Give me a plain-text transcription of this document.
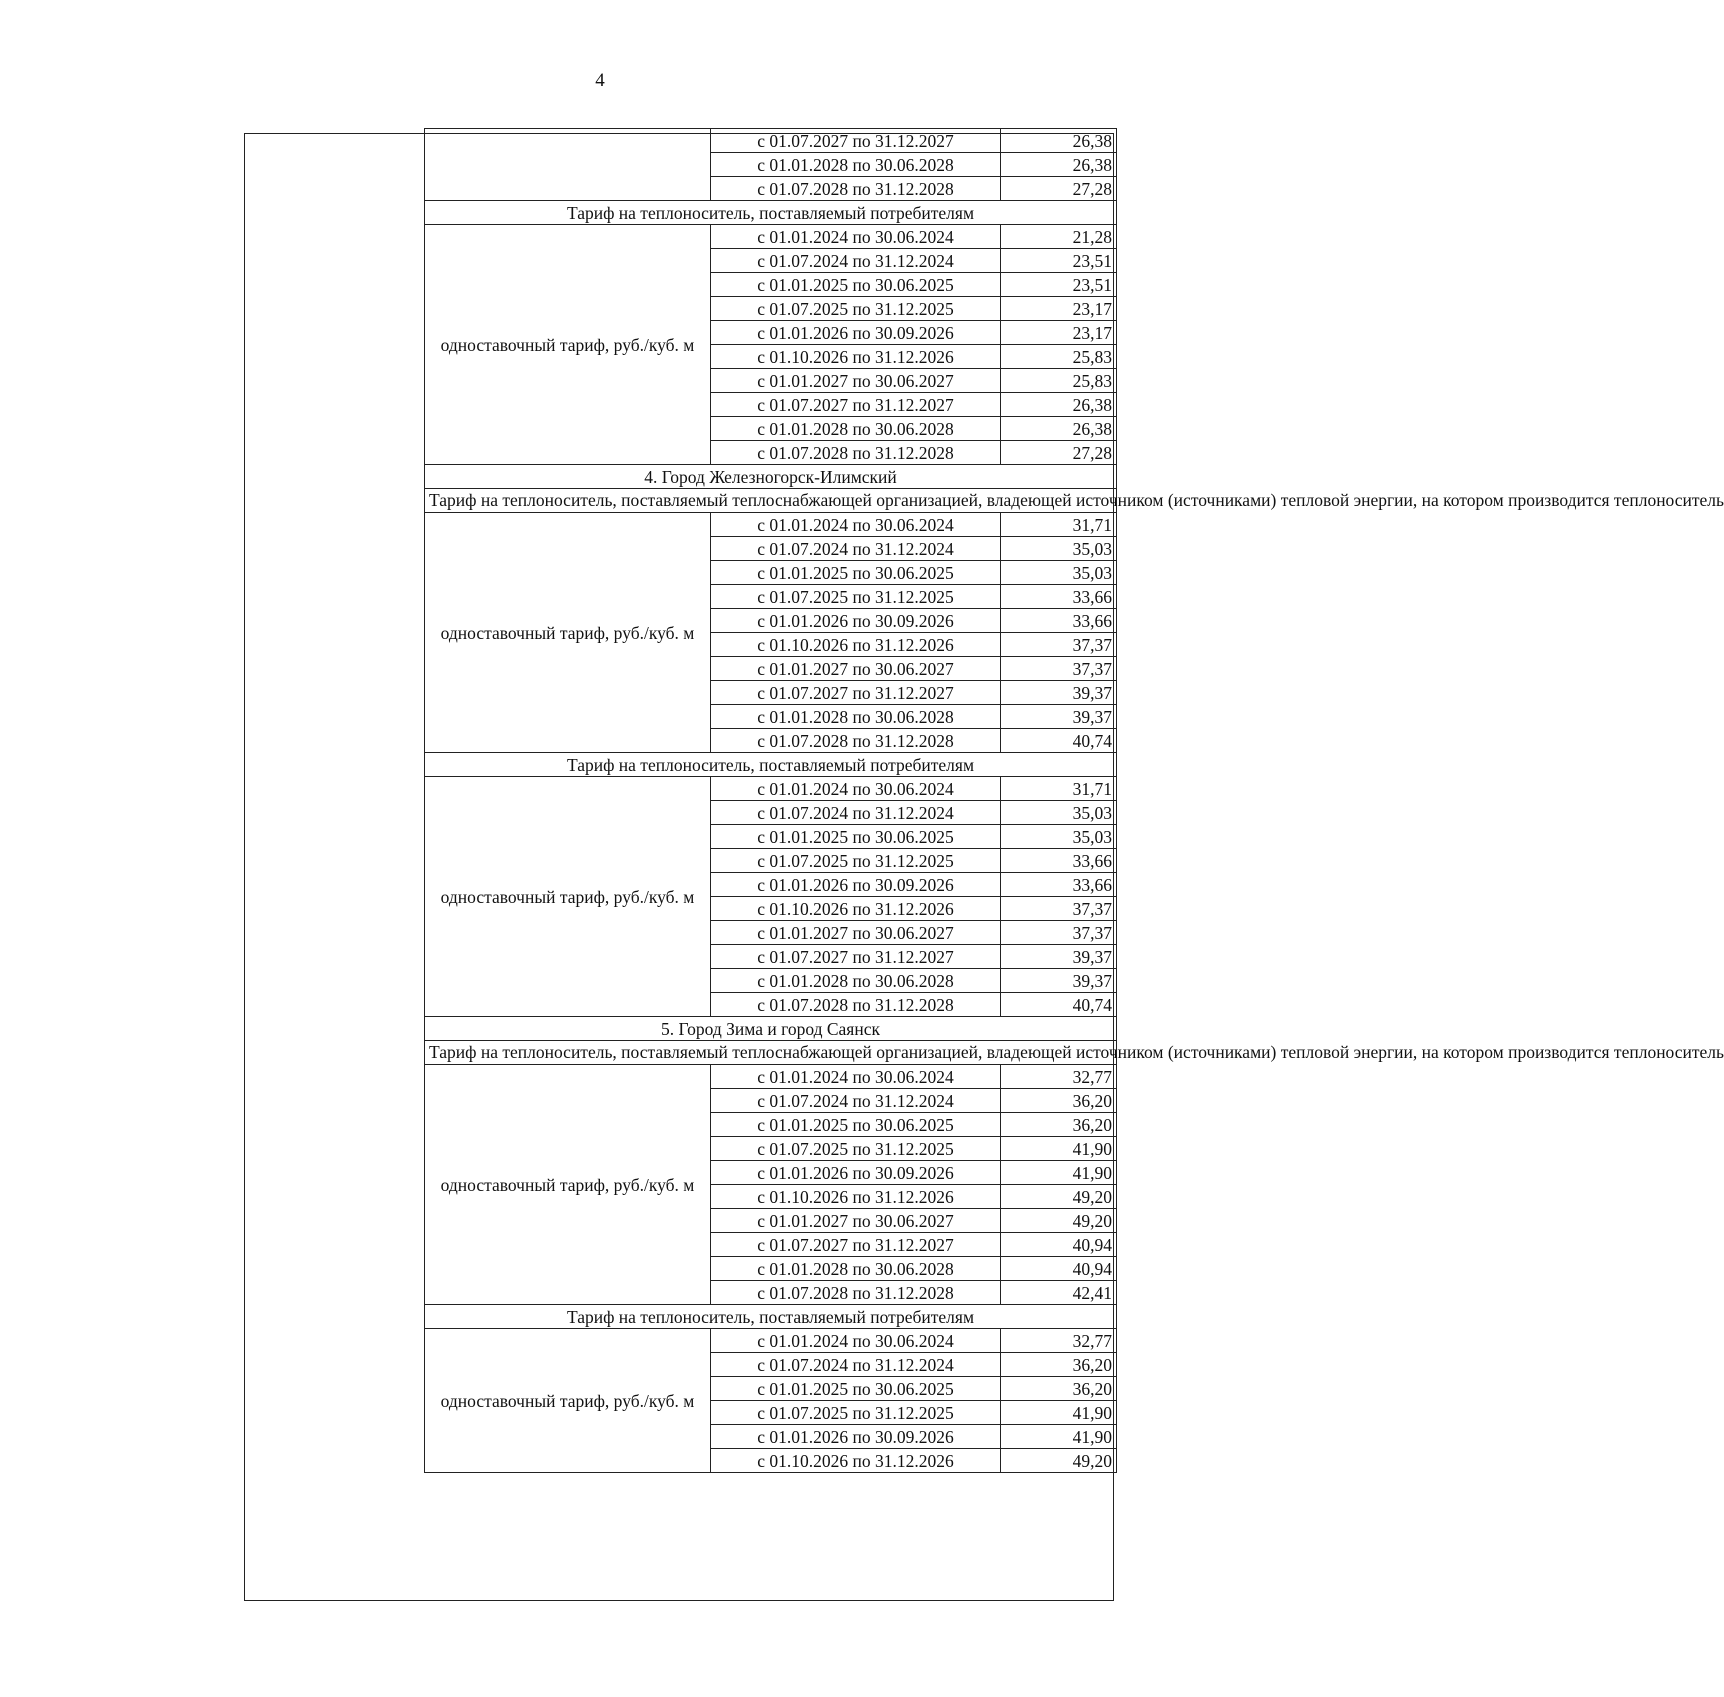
4
	с 01.07.2027 по 31.12.2027	26,38
	с 01.01.2028 по 30.06.2028	26,38
	с 01.07.2028 по 31.12.2028	27,28
Тариф на теплоноситель, поставляемый потребителям		
одноставочный тариф, руб./куб. м	с 01.01.2024 по 30.06.2024	21,28
	с 01.07.2024 по 31.12.2024	23,51
	с 01.01.2025 по 30.06.2025	23,51
	с 01.07.2025 по 31.12.2025	23,17
	с 01.01.2026 по 30.09.2026	23,17
	с 01.10.2026 по 31.12.2026	25,83
	с 01.01.2027 по 30.06.2027	25,83
	с 01.07.2027 по 31.12.2027	26,38
	с 01.01.2028 по 30.06.2028	26,38
	с 01.07.2028 по 31.12.2028	27,28
4. Город Железногорск-Илимский		
Тариф на теплоноситель, поставляемый теплоснабжающей организацией, владеющей источником (источниками) тепловой энергии, на котором производится теплоноситель		
одноставочный тариф, руб./куб. м	с 01.01.2024 по 30.06.2024	31,71
	с 01.07.2024 по 31.12.2024	35,03
	с 01.01.2025 по 30.06.2025	35,03
	с 01.07.2025 по 31.12.2025	33,66
	с 01.01.2026 по 30.09.2026	33,66
	с 01.10.2026 по 31.12.2026	37,37
	с 01.01.2027 по 30.06.2027	37,37
	с 01.07.2027 по 31.12.2027	39,37
	с 01.01.2028 по 30.06.2028	39,37
	с 01.07.2028 по 31.12.2028	40,74
Тариф на теплоноситель, поставляемый потребителям		
одноставочный тариф, руб./куб. м	с 01.01.2024 по 30.06.2024	31,71
	с 01.07.2024 по 31.12.2024	35,03
	с 01.01.2025 по 30.06.2025	35,03
	с 01.07.2025 по 31.12.2025	33,66
	с 01.01.2026 по 30.09.2026	33,66
	с 01.10.2026 по 31.12.2026	37,37
	с 01.01.2027 по 30.06.2027	37,37
	с 01.07.2027 по 31.12.2027	39,37
	с 01.01.2028 по 30.06.2028	39,37
	с 01.07.2028 по 31.12.2028	40,74
5. Город Зима и город Саянск		
Тариф на теплоноситель, поставляемый теплоснабжающей организацией, владеющей источником (источниками) тепловой энергии, на котором производится теплоноситель		
одноставочный тариф, руб./куб. м	с 01.01.2024 по 30.06.2024	32,77
	с 01.07.2024 по 31.12.2024	36,20
	с 01.01.2025 по 30.06.2025	36,20
	с 01.07.2025 по 31.12.2025	41,90
	с 01.01.2026 по 30.09.2026	41,90
	с 01.10.2026 по 31.12.2026	49,20
	с 01.01.2027 по 30.06.2027	49,20
	с 01.07.2027 по 31.12.2027	40,94
	с 01.01.2028 по 30.06.2028	40,94
	с 01.07.2028 по 31.12.2028	42,41
Тариф на теплоноситель, поставляемый потребителям		
одноставочный тариф, руб./куб. м	с 01.01.2024 по 30.06.2024	32,77
	с 01.07.2024 по 31.12.2024	36,20
	с 01.01.2025 по 30.06.2025	36,20
	с 01.07.2025 по 31.12.2025	41,90
	с 01.01.2026 по 30.09.2026	41,90
	с 01.10.2026 по 31.12.2026	49,20
